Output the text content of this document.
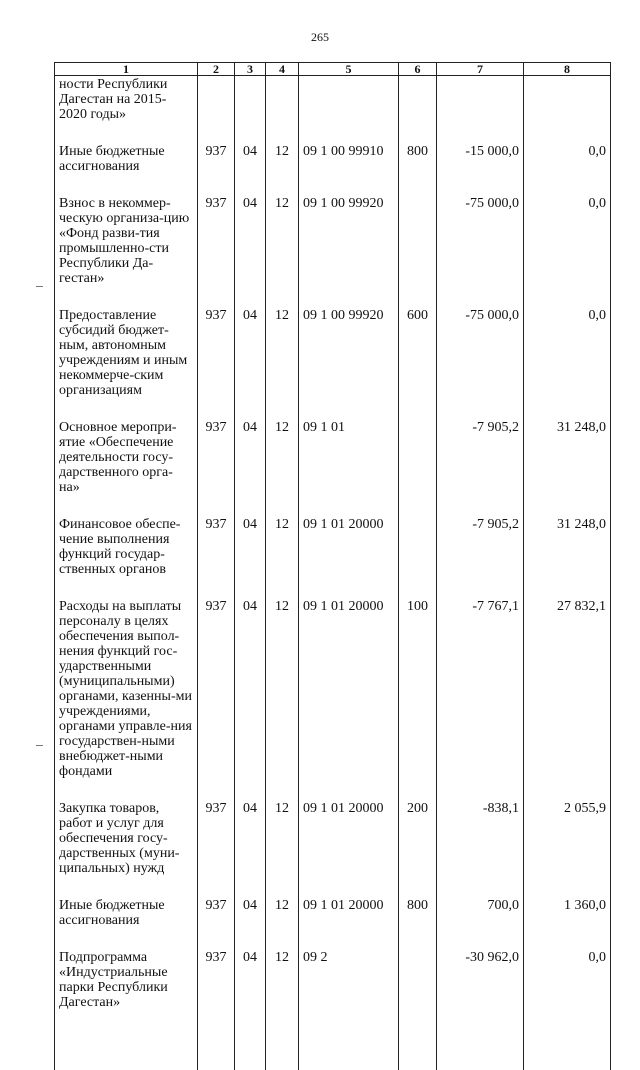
265
1	2	3	4	5	6	7	8
ности Республики Дагестан на 2015-2020 годы»							
Иные бюджетные ассигнования	937	04	12	09 1 00 99910	800	-15 000,0	0,0
Взнос в некоммер-ческую организа-цию «Фонд разви-тия промышленно-сти Республики Да-гестан»	937	04	12	09 1 00 99920		-75 000,0	0,0
Предоставление субсидий бюджет-ным, автономным учреждениям и иным некоммерче-ским организациям	937	04	12	09 1 00 99920	600	-75 000,0	0,0
Основное меропри-ятие «Обеспечение деятельности госу-дарственного орга-на»	937	04	12	09 1 01		-7 905,2	31 248,0
Финансовое обеспе-чение выполнения функций государ-ственных органов	937	04	12	09 1 01 20000		-7 905,2	31 248,0
Расходы на выплаты персоналу в целях обеспечения выпол-нения функций гос-ударственными (муниципальными) органами, казенны-ми учреждениями, органами управле-ния государствен-ными внебюджет-ными фондами	937	04	12	09 1 01 20000	100	-7 767,1	27 832,1
Закупка товаров, работ и услуг для обеспечения госу-дарственных (муни-ципальных) нужд	937	04	12	09 1 01 20000	200	-838,1	2 055,9
Иные бюджетные ассигнования	937	04	12	09 1 01 20000	800	700,0	1 360,0
Подпрограмма «Индустриальные парки Республики Дагестан»	937	04	12	09 2		-30 962,0	0,0
